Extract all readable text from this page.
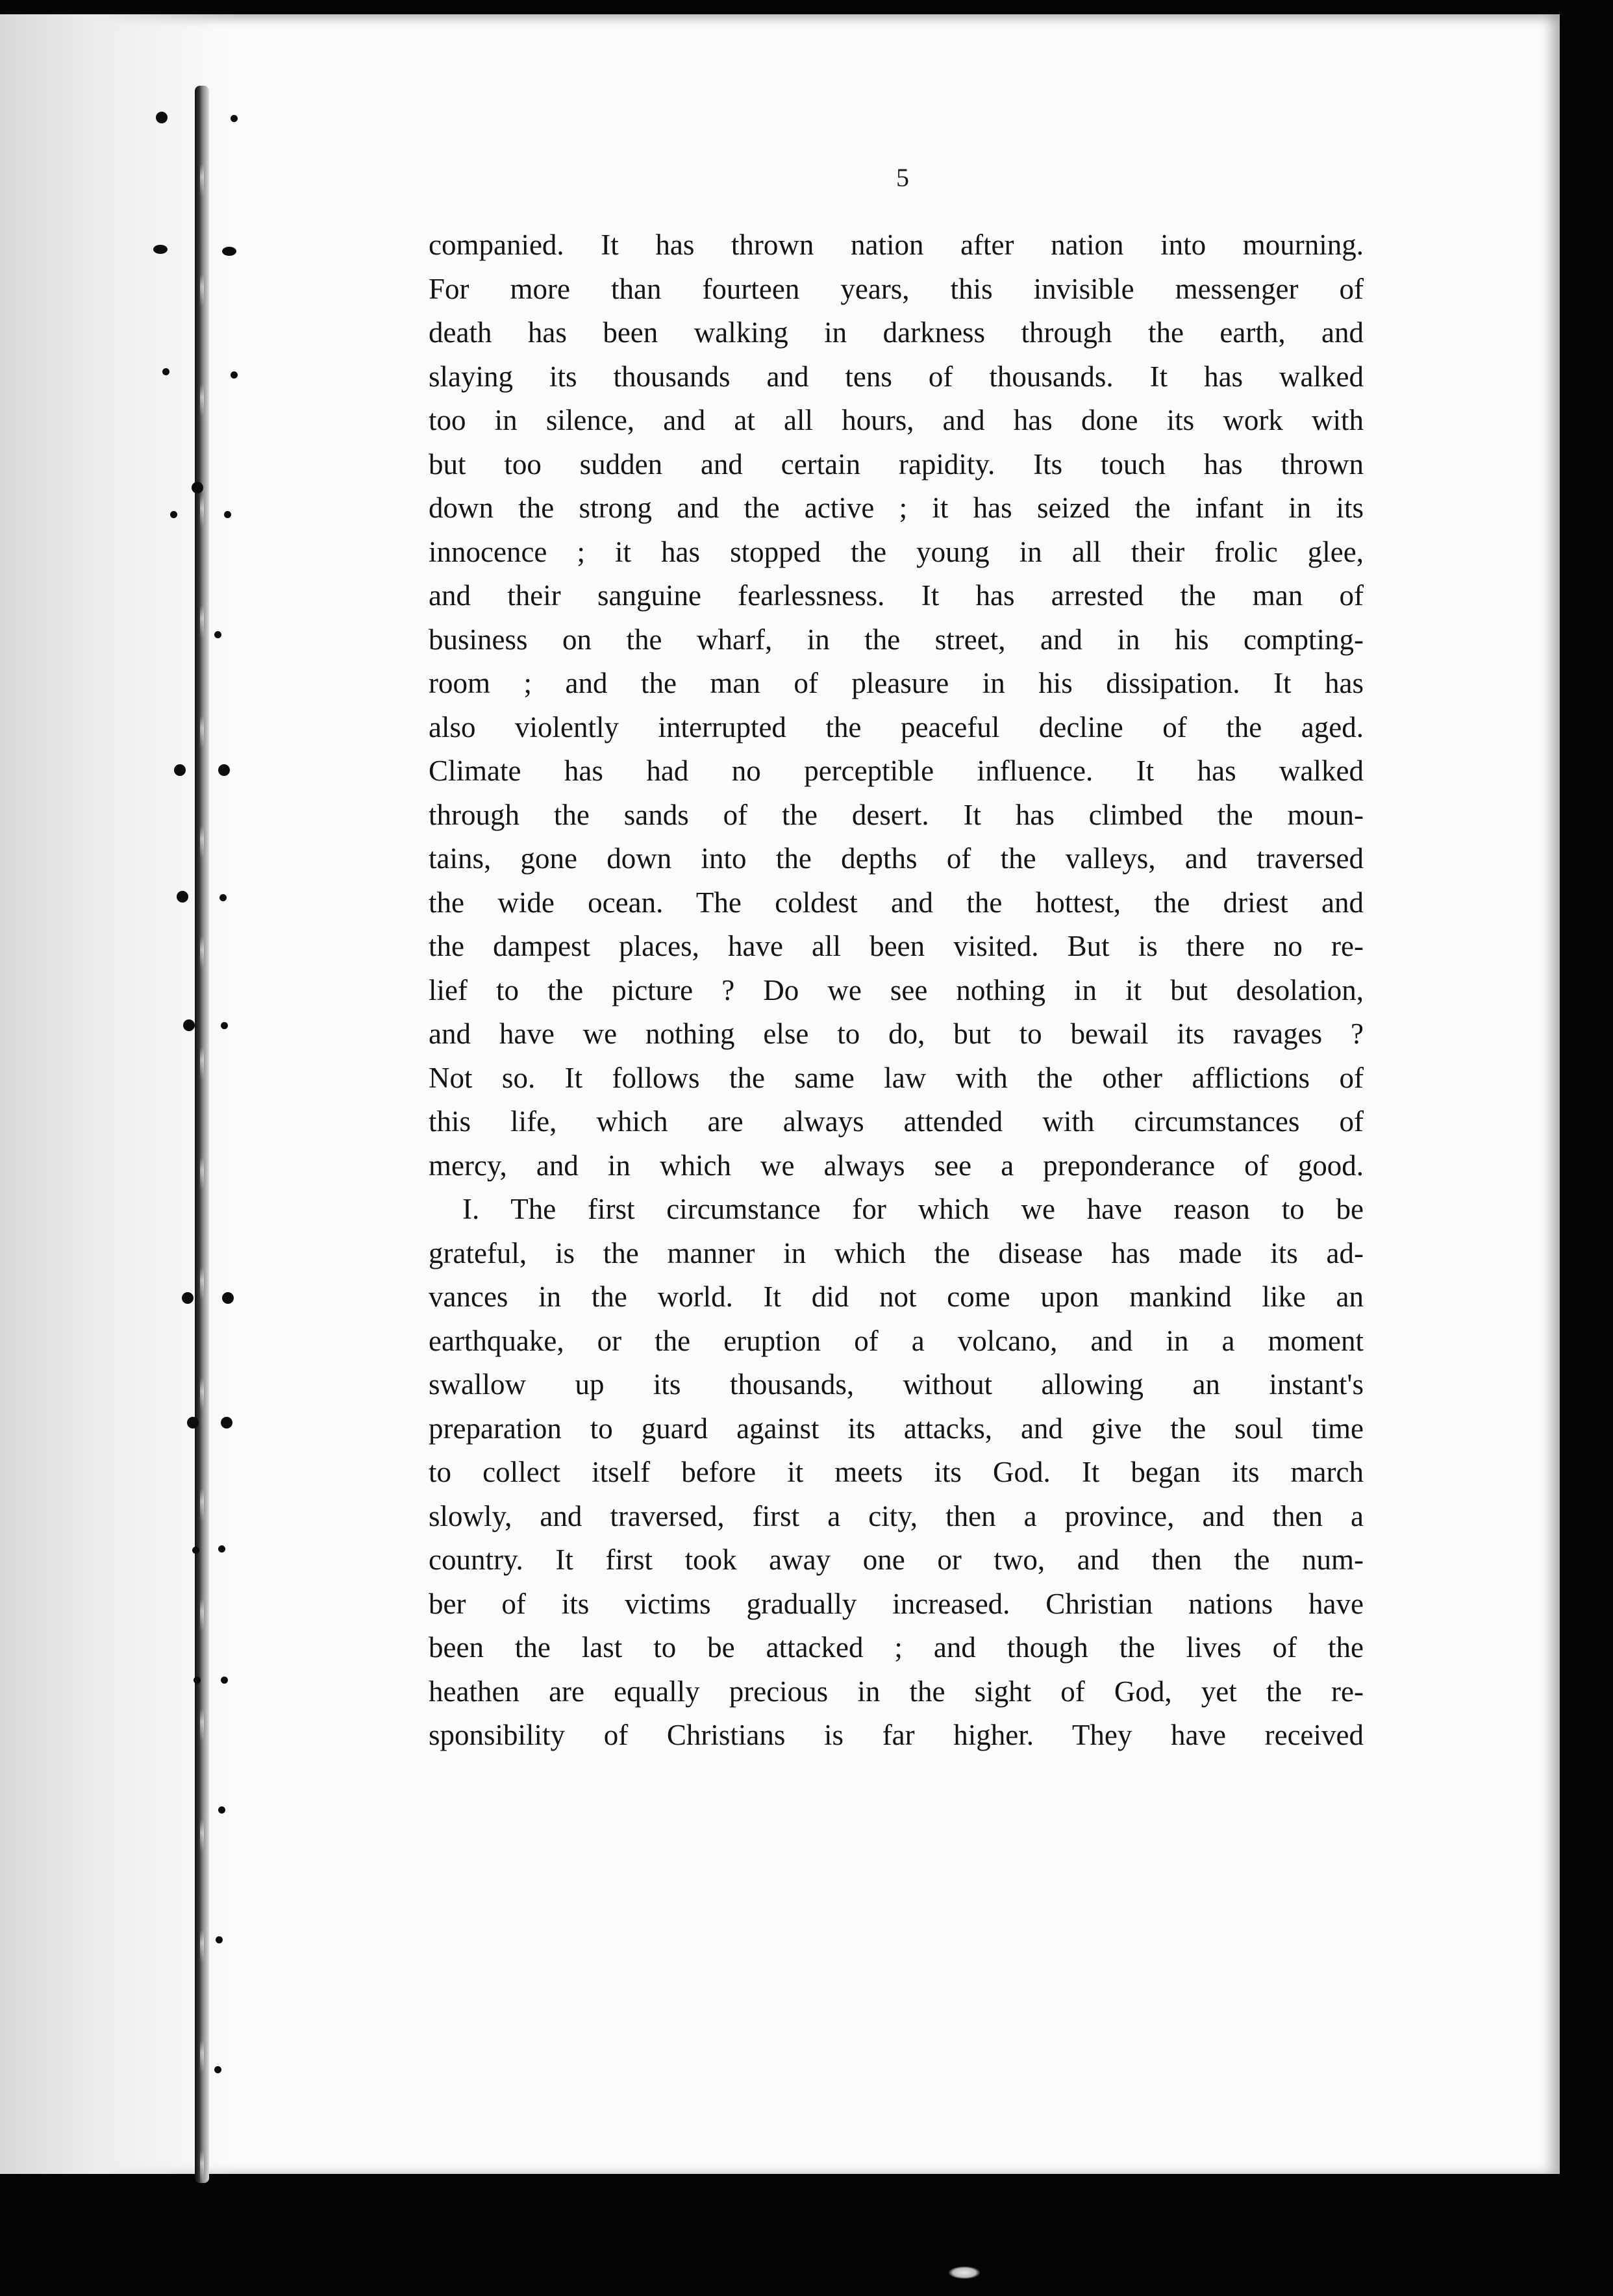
5
companied. It has thrown nation after nation into mourning.
For more than fourteen years, this invisible messenger of
death has been walking in darkness through the earth, and
slaying its thousands and tens of thousands. It has walked
too in silence, and at all hours, and has done its work with
but too sudden and certain rapidity. Its touch has thrown
down the strong and the active ; it has seized the infant in its
innocence ; it has stopped the young in all their frolic glee,
and their sanguine fearlessness. It has arrested the man of
business on the wharf, in the street, and in his compting-
room ; and the man of pleasure in his dissipation. It has
also violently interrupted the peaceful decline of the aged.
Climate has had no perceptible influence. It has walked
through the sands of the desert. It has climbed the moun-
tains, gone down into the depths of the valleys, and traversed
the wide ocean. The coldest and the hottest, the driest and
the dampest places, have all been visited. But is there no re-
lief to the picture ? Do we see nothing in it but desolation,
and have we nothing else to do, but to bewail its ravages ?
Not so. It follows the same law with the other afflictions of
this life, which are always attended with circumstances of
mercy, and in which we always see a preponderance of good.
I. The first circumstance for which we have reason to be
grateful, is the manner in which the disease has made its ad-
vances in the world. It did not come upon mankind like an
earthquake, or the eruption of a volcano, and in a moment
swallow up its thousands, without allowing an instant's
preparation to guard against its attacks, and give the soul time
to collect itself before it meets its God. It began its march
slowly, and traversed, first a city, then a province, and then a
country. It first took away one or two, and then the num-
ber of its victims gradually increased. Christian nations have
been the last to be attacked ; and though the lives of the
heathen are equally precious in the sight of God, yet the re-
sponsibility of Christians is far higher. They have received
